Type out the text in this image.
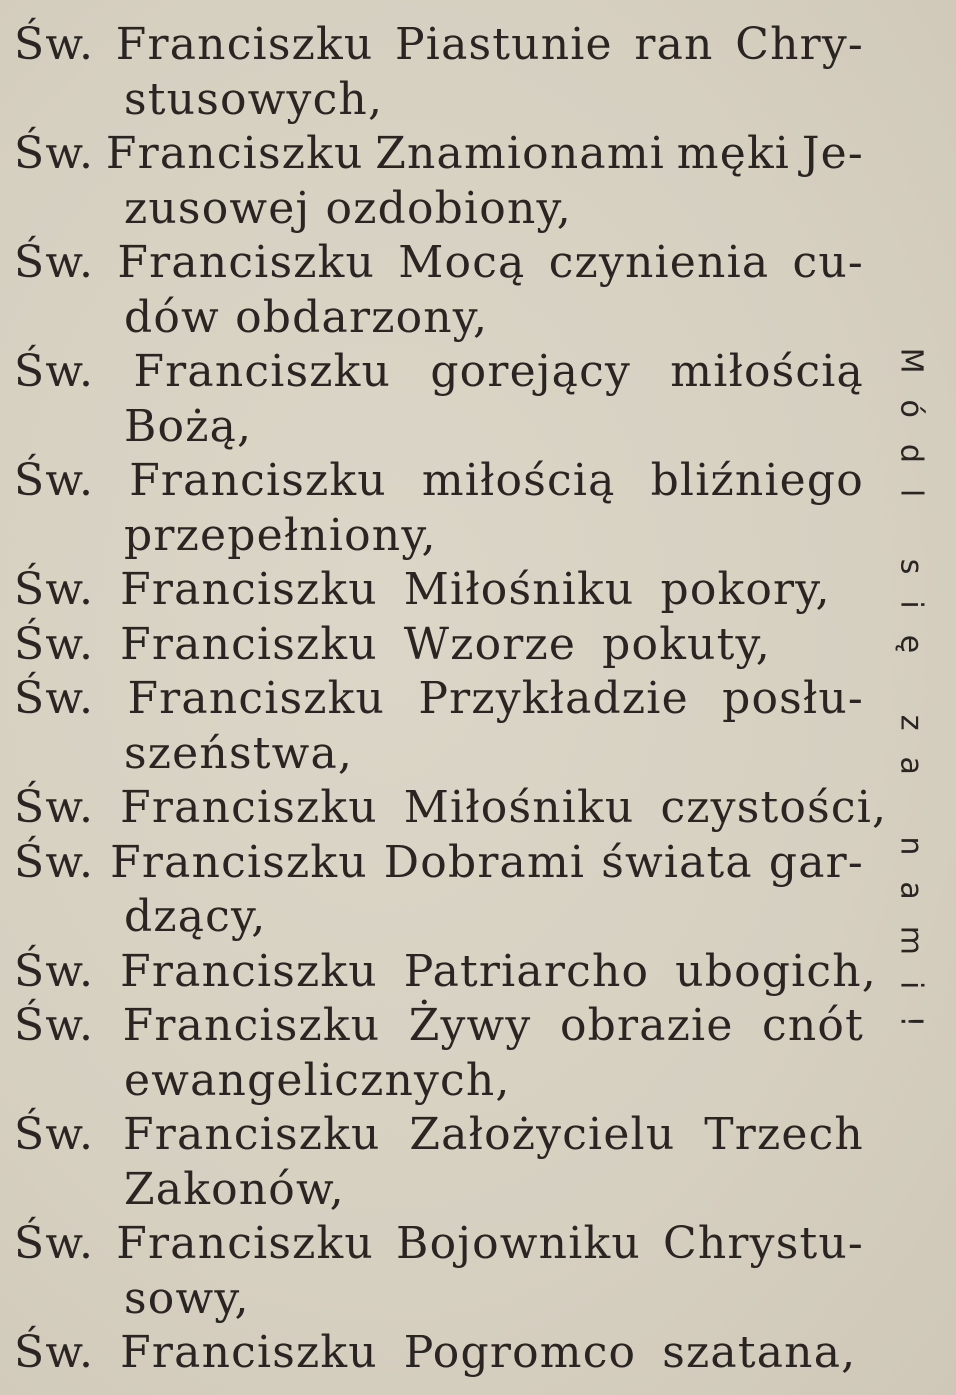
Św. Franciszku Piastunie ran Chry-
stusowych,
Św. Franciszku Znamionami męki Je-
zusowej ozdobiony,
Św. Franciszku Mocą czynienia cu-
dów obdarzony,
Św. Franciszku gorejący miłością
Bożą,
Św. Franciszku miłością bliźniego
przepełniony,
Św. Franciszku Miłośniku pokory,
Św. Franciszku Wzorze pokuty,
Św. Franciszku Przykładzie posłu-
szeństwa,
Św. Franciszku Miłośniku czystości,
Św. Franciszku Dobrami świata gar-
dzący,
Św. Franciszku Patriarcho ubogich,
Św. Franciszku Żywy obrazie cnót
ewangelicznych,
Św. Franciszku Założycielu Trzech
Zakonów,
Św. Franciszku Bojowniku Chrystu-
sowy,
Św. Franciszku Pogromco szatana,
Módl się za nami!
